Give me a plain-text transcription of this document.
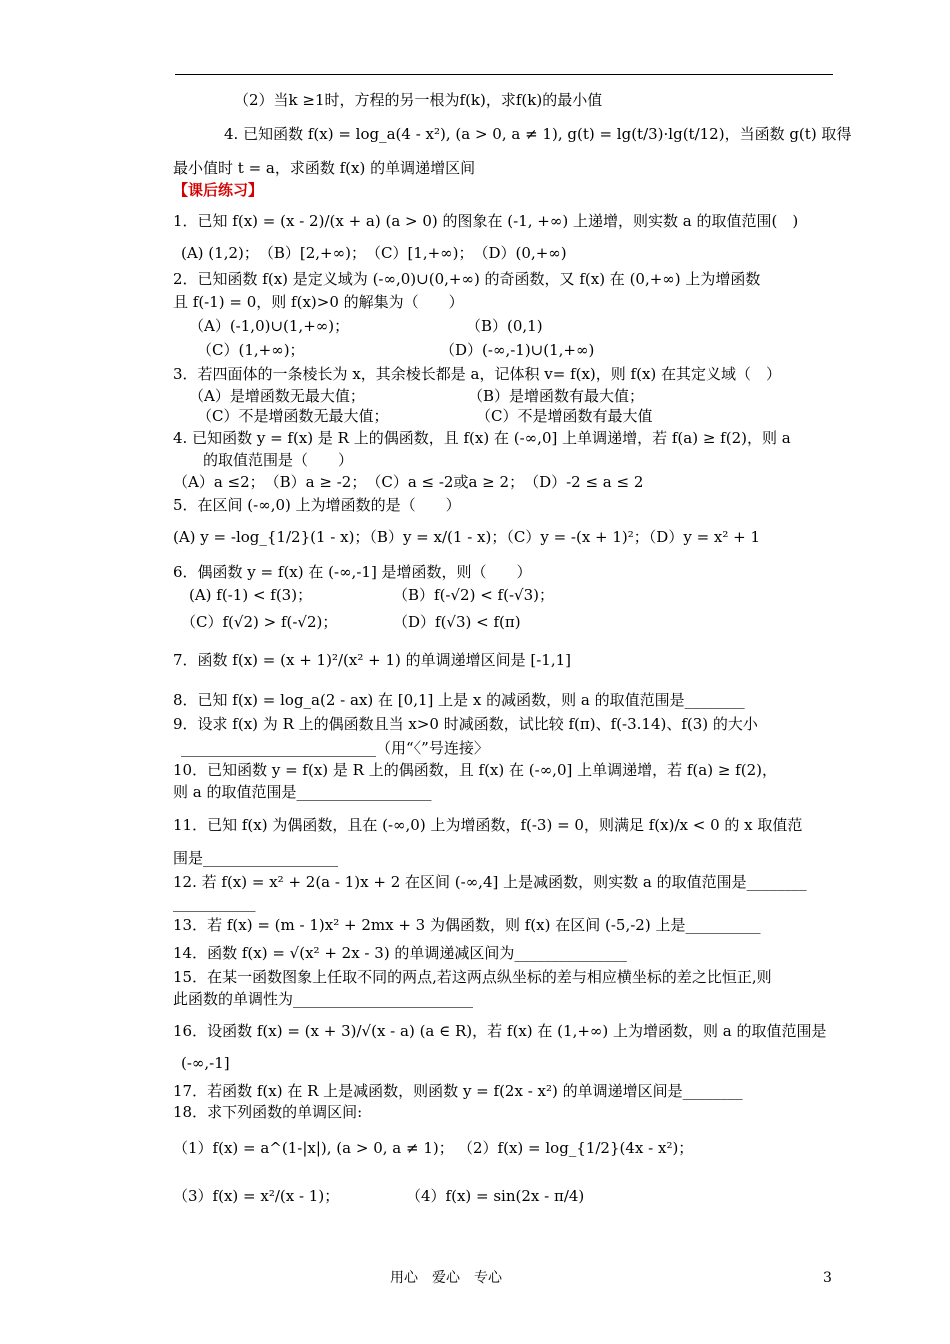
（2）当k ≥1时，方程的另一根为f(k)，求f(k)的最小值
4. 已知函数 f(x) = log_a(4 - x²), (a > 0, a ≠ 1), g(t) = lg(t/3)·lg(t/12)，当函数 g(t) 取得
最小值时 t = a，求函数 f(x) 的单调递增区间
1．已知 f(x) = (x - 2)/(x + a) (a > 0) 的图象在 (-1, +∞) 上递增，则实数 a 的取值范围(　)
(A) (1,2)；　（B）[2,+∞)；　（C）[1,+∞)；　（D）(0,+∞)
2．已知函数 f(x) 是定义域为 (-∞,0)∪(0,+∞) 的奇函数，又 f(x) 在 (0,+∞) 上为增函数
且 f(-1) = 0，则 f(x)>0 的解集为（　　）
（A）(-1,0)∪(1,+∞)；	（B）(0,1)
（C）(1,+∞)；	（D）(-∞,-1)∪(1,+∞)
3．若四面体的一条棱长为 x，其余棱长都是 a，记体积 v= f(x)，则 f(x) 在其定义域（　）
（A）是增函数无最大值；	（B）是增函数有最大值；
（C）不是增函数无最大值；	（C）不是增函数有最大值
4. 已知函数 y = f(x) 是 R 上的偶函数，且 f(x) 在 (-∞,0] 上单调递增，若 f(a) ≥ f(2)，则 a
的取值范围是（　　）
（A）a ≤2；　（B）a ≥ -2；　（C）a ≤ -2或a ≥ 2；　（D）-2 ≤ a ≤ 2
5．在区间 (-∞,0) 上为增函数的是（　　）
(A) y = -log_{1/2}(1 - x)；（B）y = x/(1 - x)；（C）y = -(x + 1)²；（D）y = x² + 1
6．偶函数 y = f(x) 在 (-∞,-1] 是增函数，则（　　）
(A) f(-1) < f(3)；	（B）f(-√2) < f(-√3)；
（C）f(√2) > f(-√2)；	（D）f(√3) < f(π)
7．函数 f(x) = (x + 1)²/(x² + 1) 的单调递增区间是 [-1,1]
8．已知 f(x) = log_a(2 - ax) 在 [0,1] 上是 x 的减函数，则 a 的取值范围是________
9．设求 f(x) 为 R 上的偶函数且当 x>0 时减函数，试比较 f(π)、f(-3.14)、f(3) 的大小
__________________________（用“〈”号连接〉
10．已知函数 y = f(x) 是 R 上的偶函数，且 f(x) 在 (-∞,0] 上单调递增，若 f(a) ≥ f(2)，
则 a 的取值范围是__________________
11．已知 f(x) 为偶函数，且在 (-∞,0) 上为增函数，f(-3) = 0，则满足 f(x)/x < 0 的 x 取值范
围是__________________
12. 若 f(x) = x² + 2(a - 1)x + 2 在区间 (-∞,4] 上是减函数，则实数 a 的取值范围是________
___________
13．若 f(x) = (m - 1)x² + 2mx + 3 为偶函数，则 f(x) 在区间 (-5,-2) 上是__________
14．函数 f(x) = √(x² + 2x - 3) 的单调递减区间为_______________
15．在某一函数图象上任取不同的两点,若这两点纵坐标的差与相应横坐标的差之比恒正,则
此函数的单调性为________________________
16．设函数 f(x) = (x + 3)/√(x - a) (a ∈ R)，若 f(x) 在 (1,+∞) 上为增函数，则 a 的取值范围是
(-∞,-1]
17．若函数 f(x) 在 R 上是减函数，则函数 y = f(2x - x²) 的单调递增区间是________
18．求下列函数的单调区间:
（1）f(x) = a^(1-|x|), (a > 0, a ≠ 1)； （2）f(x) = log_{1/2}(4x - x²)；
（3）f(x) = x²/(x - 1)；	（4）f(x) = sin(2x - π/4)
【课后练习】
用心　爱心　专心	3
